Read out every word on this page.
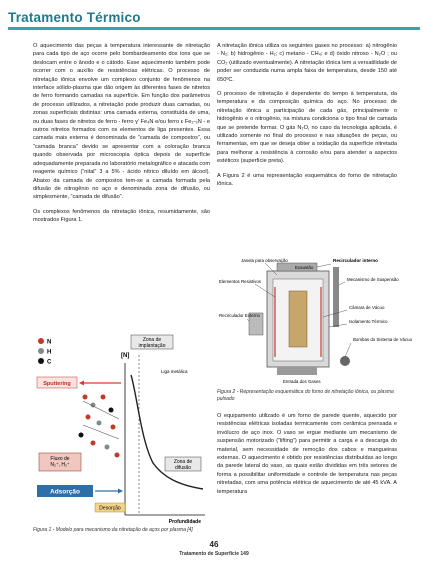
Tratamento Térmico

O aquecimento das peças à temperatura interessante de nitretação para cada tipo de aço ocorre pelo bombardeamento dos íons que se deslocam entre o ânodo e o cátodo. Esse aquecimento também pode ocorrer com o auxílio de resistências elétricas. O processo de nitretação iônica envolve um complexo conjunto de fenômenos na interface sólido-plasma que dão origem às diferentes fases de nitretos de ferro formando camadas na superfície. Em função dos parâmetros de processo utilizados, a nitretação pode produzir duas camadas, ou zonas superficiais distintas: uma camada externa, constituída de uma, ou duas fases de nitretos de ferro - ferro γ' Fe₄N e/ou ferro ε Fe₂-₃N - e outros nitretos formados com os elementos de liga presentes. Essa camada mais externa é denominada de “camada de compostos”, ou “camada branca” devido se apresentar com a coloração branca quando observada por microscopia óptica depois de superfície adequadamente preparada no laboratório metalográfico e atacada com reagente químico (“nital” 3 a 5% - ácido nítrico diluído em álcool). Abaixo da camada de compostos tem-se a camada formada pela difusão de nitrogênio no aço e denominada zona de difusão, ou simplesmente, “camada de difusão”.

Os complexos fenômenos da nitretação iônica, resumidamente, são mostrados Figura 1.

A nitretação iônica utiliza os seguintes gases no processo: a) nitrogênio - N₂; b) hidrogênio - H₂; c) metano - CH₄; e d) óxido nitroso - N₂O ; ou CO₂ (utilizado eventualmente). A nitretação iônica tem a versatilidade de poder ser conduzida numa ampla faixa de temperatura, desde 150 até 650ºC.

O processo de nitretação é dependente do tempo à temperatura, da temperatura e da composição química do aço. No processo de nitretação iônica a participação de cada gás, principalmente o hidrogênio e o nitrogênio, na mistura condiciona o tipo final de camada que se pretende formar. O gás N₂O, no caso da tecnologia aplicada, é utilizado somente no final do processo e nas situações de peças, ou ferramentas, em que se deseja obter a oxidação da superfície nitretada para melhorar a resistência à corrosão e/ou para atender a aspectos estéticos (superfície preta).

A Figura 2 é uma representação esquemática do forno de nitretação iônica.

O equipamento utilizado é um forno de parede quente, aquecido por resistências elétricas isoladas termicamente com cerâmica prensada e invólucro de aço inox. O vaso se ergue mediante um mecanismo de suspensão motorizado (“lifting”) para permitir a carga e a descarga do material, sem necessidade de remoção dos cabos e mangueiras externas. O aquecimento é obtido por resistências distribuídas ao longo da parede lateral do vaso, as quais estão divididas em três setores de forma a possibilitar uniformidade e controle de temperatura nas peças nitretadas, com uma potência elétrica de aquecimento de até 45 kVA. A temperatura

N
H
C
Zona de implantação
[N]
Liga metálica
Zona de difusão
Sputtering
Fluxo de N₂⁺, H₂⁺
Adsorção
Desorção
Profundidade
Figura 1 - Modelo para mecanismo da nitretação de aços por plasma [4]
Janela para observação
Exaustão
Recirculador interno
Elementos Resistivos	Mecanismo de Suspensão
Câmara de Vácuo
Isolamento Térmico
Recirculador Externo
Bombas do Sistema de Vácuo
Entrada dos Gases
Figura 2 - Representação esquemática do forno de nitretação iônica, ou plasma pulsado
46
Tratamento de Superfície 149
